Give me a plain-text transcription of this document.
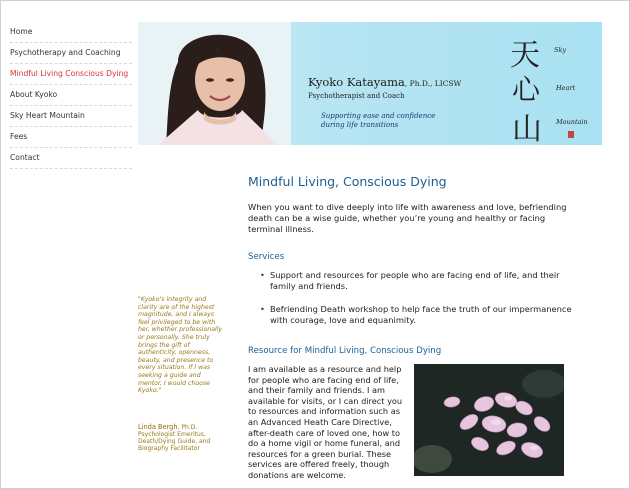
Home
Psychotherapy and Coaching
Mindful Living Conscious Dying
About Kyoko
Sky Heart Mountain
Fees
Contact
Kyoko Katayama, Ph.D., LICSW
Psychotherapist and Coach
Supporting ease and confidence
during life transitions
天 Sky
心 Heart
山 Mountain
Mindful Living, Conscious Dying

When you want to dive deeply into life with awareness and love, befriending death can be a wise guide, whether you’re young and healthy or facing terminal illness.

Services
• Support and resources for people who are facing end of life, and their family and friends.
• Befriending Death workshop to help face the truth of our impermanence with courage, love and equanimity.
Resource for Mindful Living, Conscious Dying

I am available as a resource and help for people who are facing end of life, and their family and friends. I am available for visits, or I can direct you to resources and information such as an Advanced Heath Care Directive, after-death care of loved one, how to do a home vigil or home funeral, and resources for a green burial. These services are offered freely, though donations are welcome.

"Kyoko's integrity and clarity are of the highest magnitude, and I always feel privileged to be with her, whether professionally or personally. She truly brings the gift of authenticity, openness, beauty, and presence to every situation. If I was seeking a guide and mentor, I would choose Kyoko."

Linda Bergh, Ph.D.
Psychologist Emeritus,
Death/Dying Guide, and
Biography Facilitator
